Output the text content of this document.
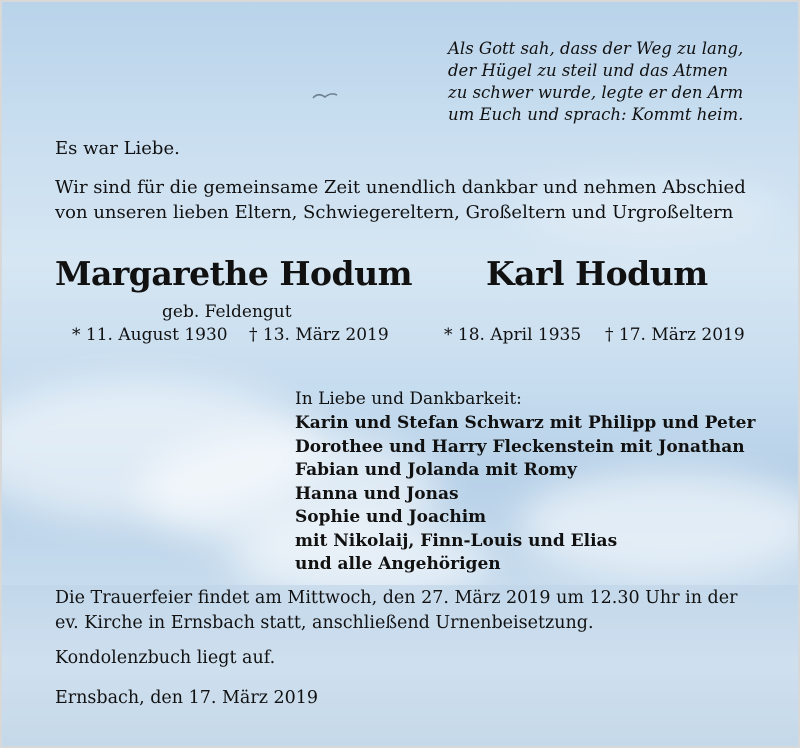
Als Gott sah, dass der Weg zu lang,
der Hügel zu steil und das Atmen
zu schwer wurde, legte er den Arm
um Euch und sprach: Kommt heim.
Es war Liebe.
Wir sind für die gemeinsame Zeit unendlich dankbar und nehmen Abschied
von unseren lieben Eltern, Schwiegereltern, Großeltern und Urgroßeltern
Margarethe Hodum Karl Hodum
geb. Feldengut
* 11. August 1930 † 13. März 2019	* 18. April 1935 † 17. März 2019
In Liebe und Dankbarkeit:
Karin und Stefan Schwarz mit Philipp und Peter
Dorothee und Harry Fleckenstein mit Jonathan
Fabian und Jolanda mit Romy
Hanna und Jonas
Sophie und Joachim
mit Nikolaij, Finn-Louis und Elias
und alle Angehörigen
Die Trauerfeier findet am Mittwoch, den 27. März 2019 um 12.30 Uhr in der
ev. Kirche in Ernsbach statt, anschließend Urnenbeisetzung.
Kondolenzbuch liegt auf.
Ernsbach, den 17. März 2019
